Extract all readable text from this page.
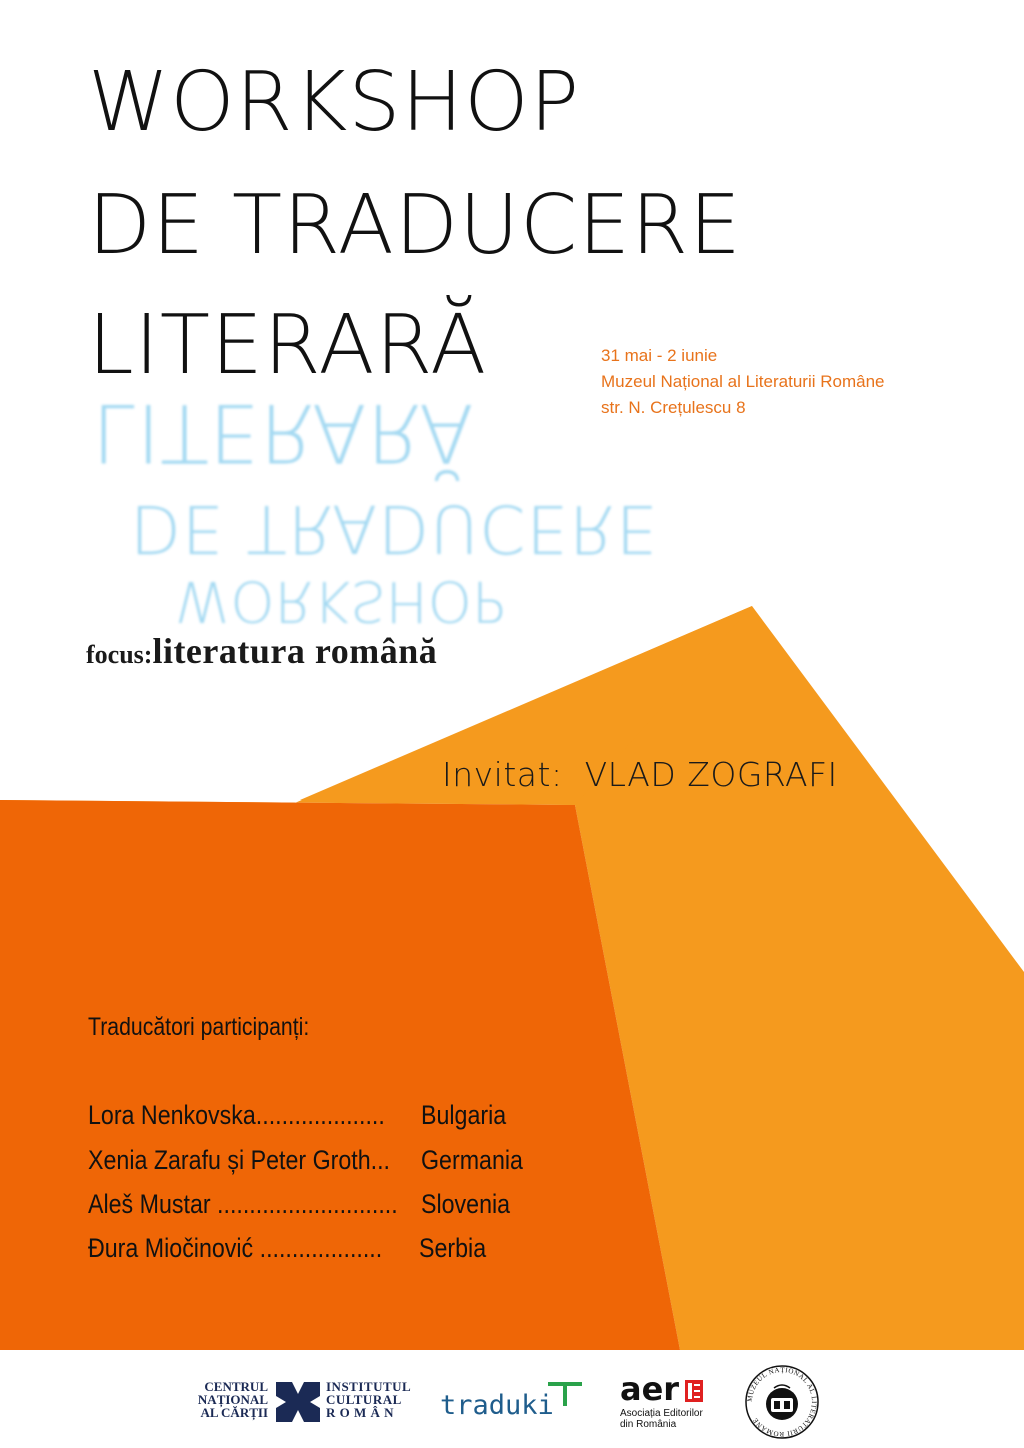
WORKSHOP
DE TRADUCERE
LITERARĂ
LITERARĂ
DE TRADUCERE
WORKSHOP
31 mai - 2 iunie
Muzeul Național al Literaturii Române
str. N. Crețulescu 8
focus:literatura română
Invitat: VLAD ZOGRAFI
Traducători participanți:
Lora Nenkovska.................... Bulgaria
Xenia Zarafu și Peter Groth... Germania
Aleš Mustar ............................ Slovenia
Đura Miočinović ................... Serbia
CENTRUL
NAȚIONAL
AL CĂRȚII
INSTITUTUL
CULTURAL
R O M Â N	traduki aer
Asociația Editorilor
din România
MUZEUL NAȚIONAL AL LITERATURII ROMÂNE
